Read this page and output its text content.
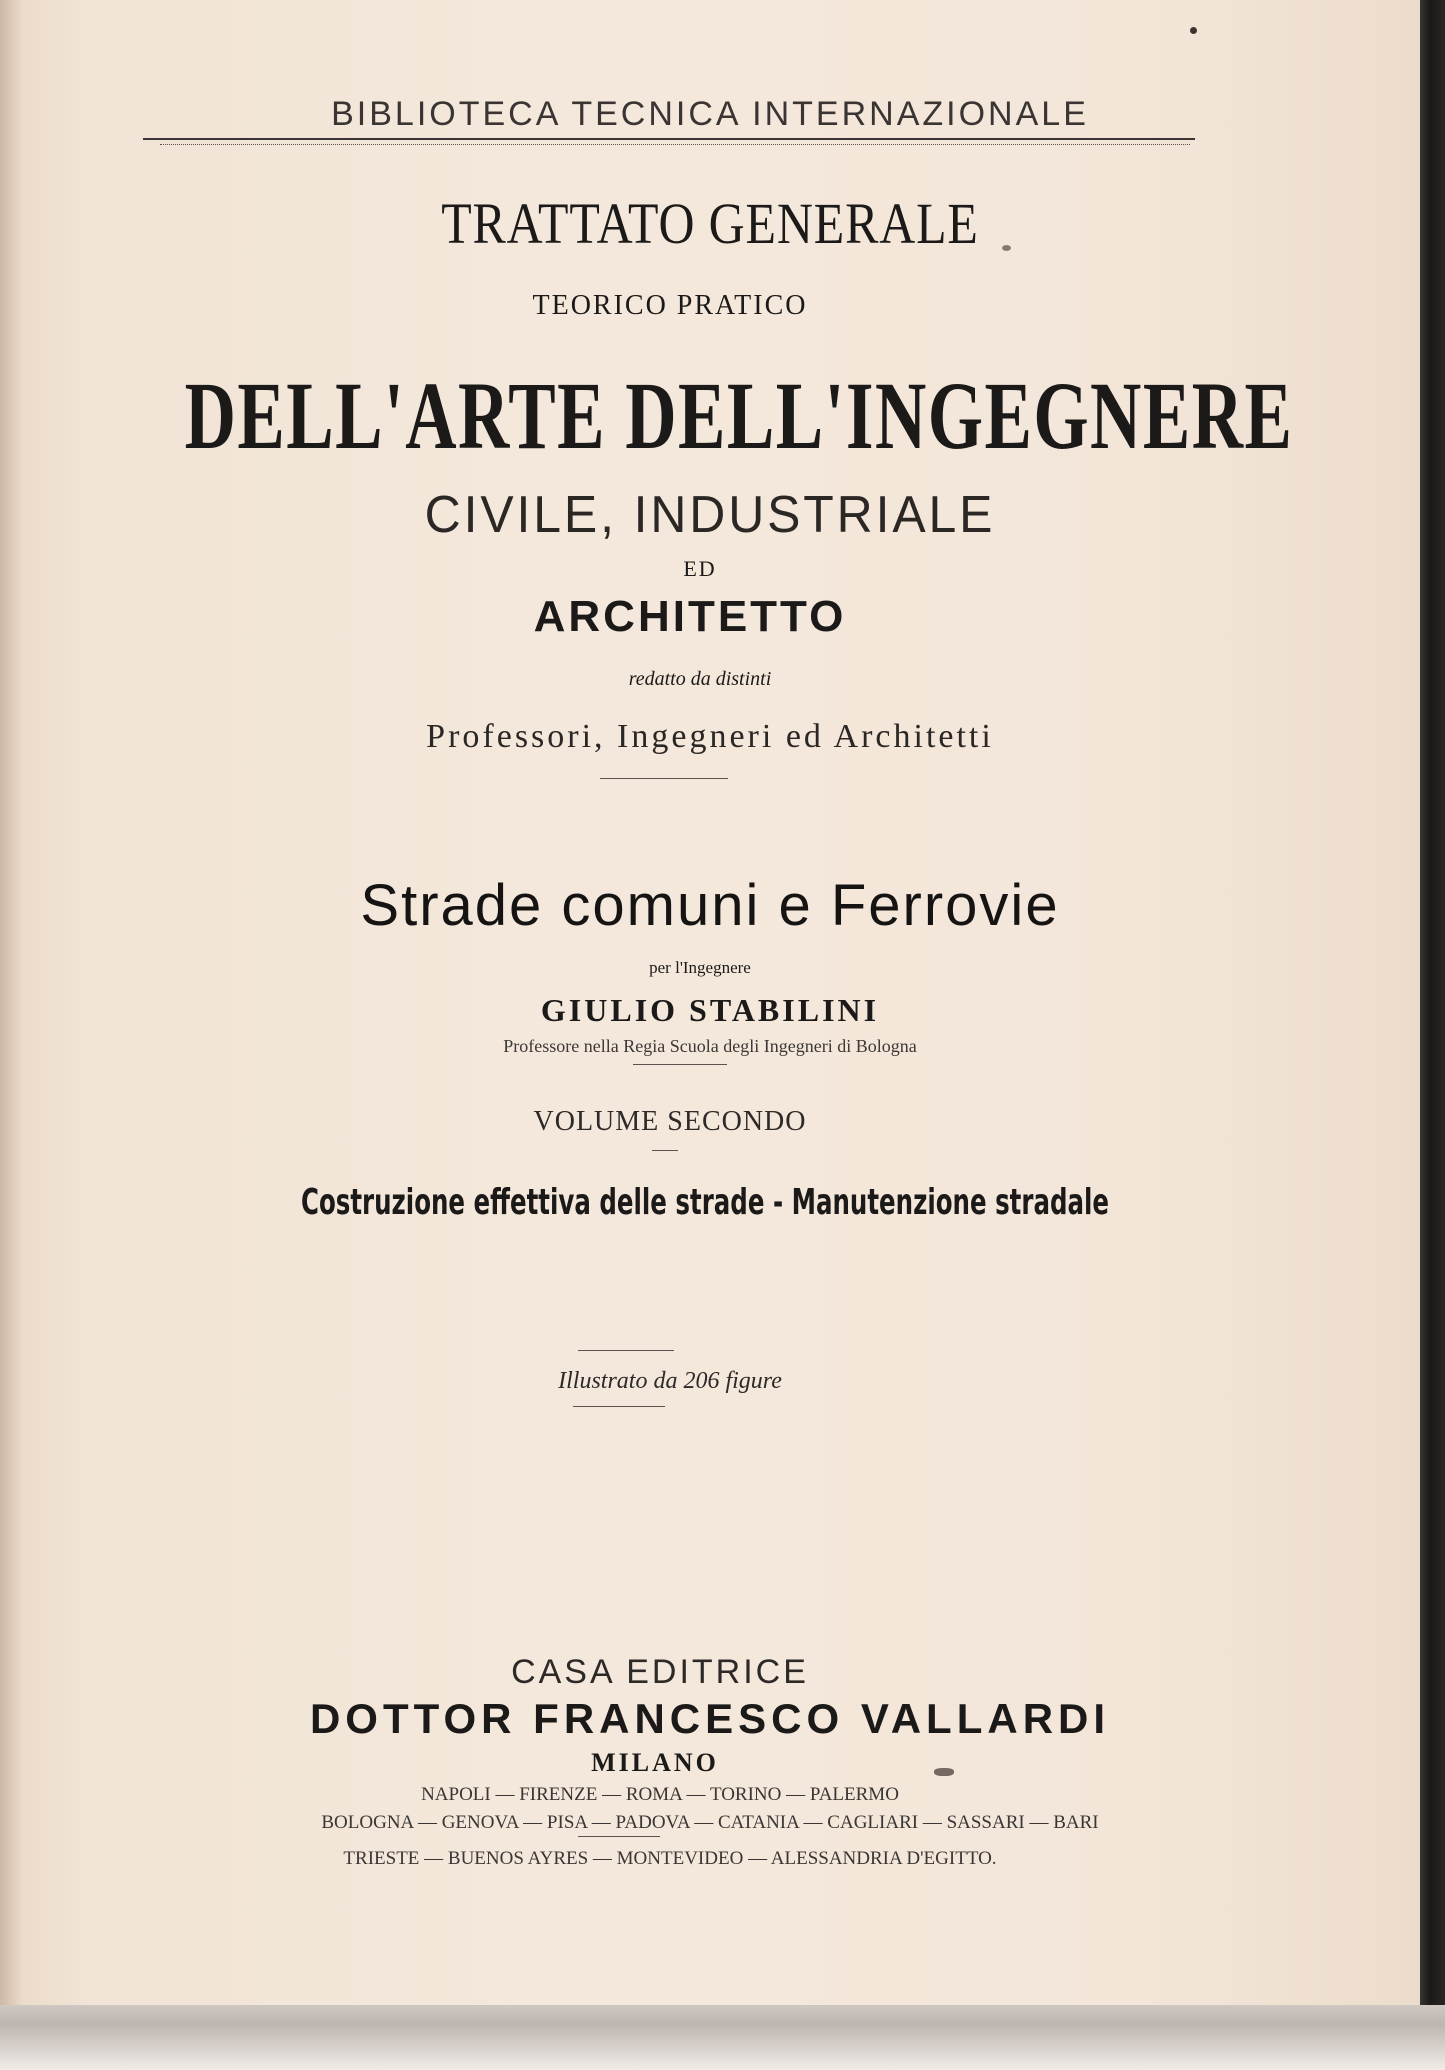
BIBLIOTECA TECNICA INTERNAZIONALE
TRATTATO GENERALE
TEORICO PRATICO
DELL'ARTE DELL'INGEGNERE
CIVILE, INDUSTRIALE
ED
ARCHITETTO
redatto da distinti
Professori, Ingegneri ed Architetti
Strade comuni e Ferrovie
per l'Ingegnere
GIULIO STABILINI
Professore nella Regia Scuola degli Ingegneri di Bologna
VOLUME SECONDO
Costruzione effettiva delle strade - Manutenzione stradale
Illustrato da 206 figure
CASA EDITRICE
DOTTOR FRANCESCO VALLARDI
MILANO
NAPOLI — FIRENZE — ROMA — TORINO — PALERMO
BOLOGNA — GENOVA — PISA — PADOVA — CATANIA — CAGLIARI — SASSARI — BARI
TRIESTE — BUENOS AYRES — MONTEVIDEO — ALESSANDRIA D'EGITTO.
